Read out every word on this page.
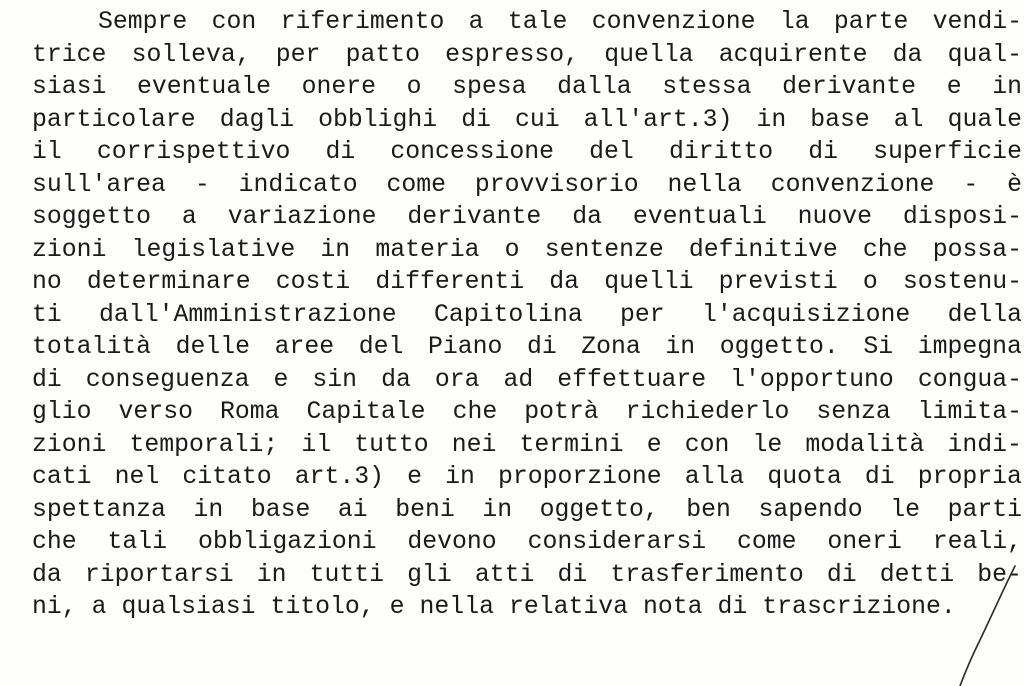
Sempre con riferimento a tale convenzione la parte vendi-
trice solleva, per patto espresso, quella acquirente da qual-
siasi eventuale onere o spesa dalla stessa derivante e in
particolare dagli obblighi di cui all'art.3) in base al quale
il corrispettivo di concessione del diritto di superficie
sull'area - indicato come provvisorio nella convenzione - è
soggetto a variazione derivante da eventuali nuove disposi-
zioni legislative in materia o sentenze definitive che possa-
no determinare costi differenti da quelli previsti o sostenu-
ti dall'Amministrazione Capitolina per l'acquisizione della
totalità delle aree del Piano di Zona in oggetto. Si impegna
di conseguenza e sin da ora ad effettuare l'opportuno congua-
glio verso Roma Capitale che potrà richiederlo senza limita-
zioni temporali; il tutto nei termini e con le modalità indi-
cati nel citato art.3) e in proporzione alla quota di propria
spettanza in base ai beni in oggetto, ben sapendo le parti
che tali obbligazioni devono considerarsi come oneri reali,
da riportarsi in tutti gli atti di trasferimento di detti be-
ni, a qualsiasi titolo, e nella relativa nota di trascrizione.
